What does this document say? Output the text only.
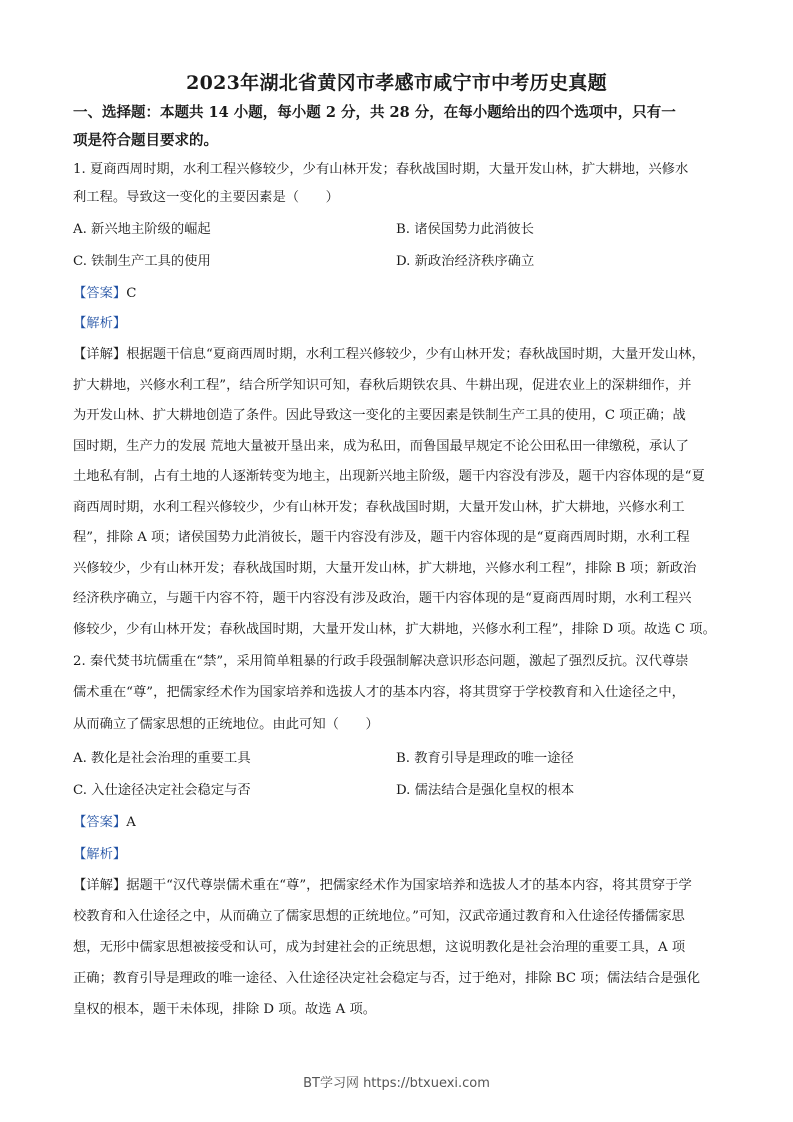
2023年湖北省黄冈市孝感市咸宁市中考历史真题
一、选择题：本题共 14 小题，每小题 2 分，共 28 分，在每小题给出的四个选项中，只有一
项是符合题目要求的。
1. 夏商西周时期，水利工程兴修较少，少有山林开发；春秋战国时期，大量开发山林，扩大耕地，兴修水
利工程。导致这一变化的主要因素是（　　）
A. 新兴地主阶级的崛起	B. 诸侯国势力此消彼长
C. 铁制生产工具的使用	D. 新政治经济秩序确立
【答案】C
【解析】
【详解】根据题干信息“夏商西周时期，水利工程兴修较少，少有山林开发；春秋战国时期，大量开发山林，
扩大耕地，兴修水利工程”，结合所学知识可知，春秋后期铁农具、牛耕出现，促进农业上的深耕细作，并
为开发山林、扩大耕地创造了条件。因此导致这一变化的主要因素是铁制生产工具的使用，C 项正确；战
国时期，生产力的发展 荒地大量被开垦出来，成为私田，而鲁国最早规定不论公田私田一律缴税，承认了
土地私有制，占有土地的人逐渐转变为地主，出现新兴地主阶级，题干内容没有涉及，题干内容体现的是“夏
商西周时期，水利工程兴修较少，少有山林开发；春秋战国时期，大量开发山林，扩大耕地，兴修水利工
程”，排除 A 项；诸侯国势力此消彼长，题干内容没有涉及，题干内容体现的是“夏商西周时期，水利工程
兴修较少，少有山林开发；春秋战国时期，大量开发山林，扩大耕地，兴修水利工程”，排除 B 项；新政治
经济秩序确立，与题干内容不符，题干内容没有涉及政治，题干内容体现的是“夏商西周时期，水利工程兴
修较少，少有山林开发；春秋战国时期，大量开发山林，扩大耕地，兴修水利工程”，排除 D 项。故选 C 项。
2. 秦代焚书坑儒重在“禁”，采用简单粗暴的行政手段强制解决意识形态问题，激起了强烈反抗。汉代尊崇
儒术重在“尊”，把儒家经术作为国家培养和选拔人才的基本内容，将其贯穿于学校教育和入仕途径之中，
从而确立了儒家思想的正统地位。由此可知（　　）
A. 教化是社会治理的重要工具	B. 教育引导是理政的唯一途径
C. 入仕途径决定社会稳定与否	D. 儒法结合是强化皇权的根本
【答案】A
【解析】
【详解】据题干“汉代尊崇儒术重在“尊”，把儒家经术作为国家培养和选拔人才的基本内容，将其贯穿于学
校教育和入仕途径之中，从而确立了儒家思想的正统地位。”可知，汉武帝通过教育和入仕途径传播儒家思
想，无形中儒家思想被接受和认可，成为封建社会的正统思想，这说明教化是社会治理的重要工具，A 项
正确；教育引导是理政的唯一途径、入仕途径决定社会稳定与否，过于绝对，排除 BC 项；儒法结合是强化
皇权的根本，题干未体现，排除 D 项。故选 A 项。
BT学习网 https://btxuexi.com
